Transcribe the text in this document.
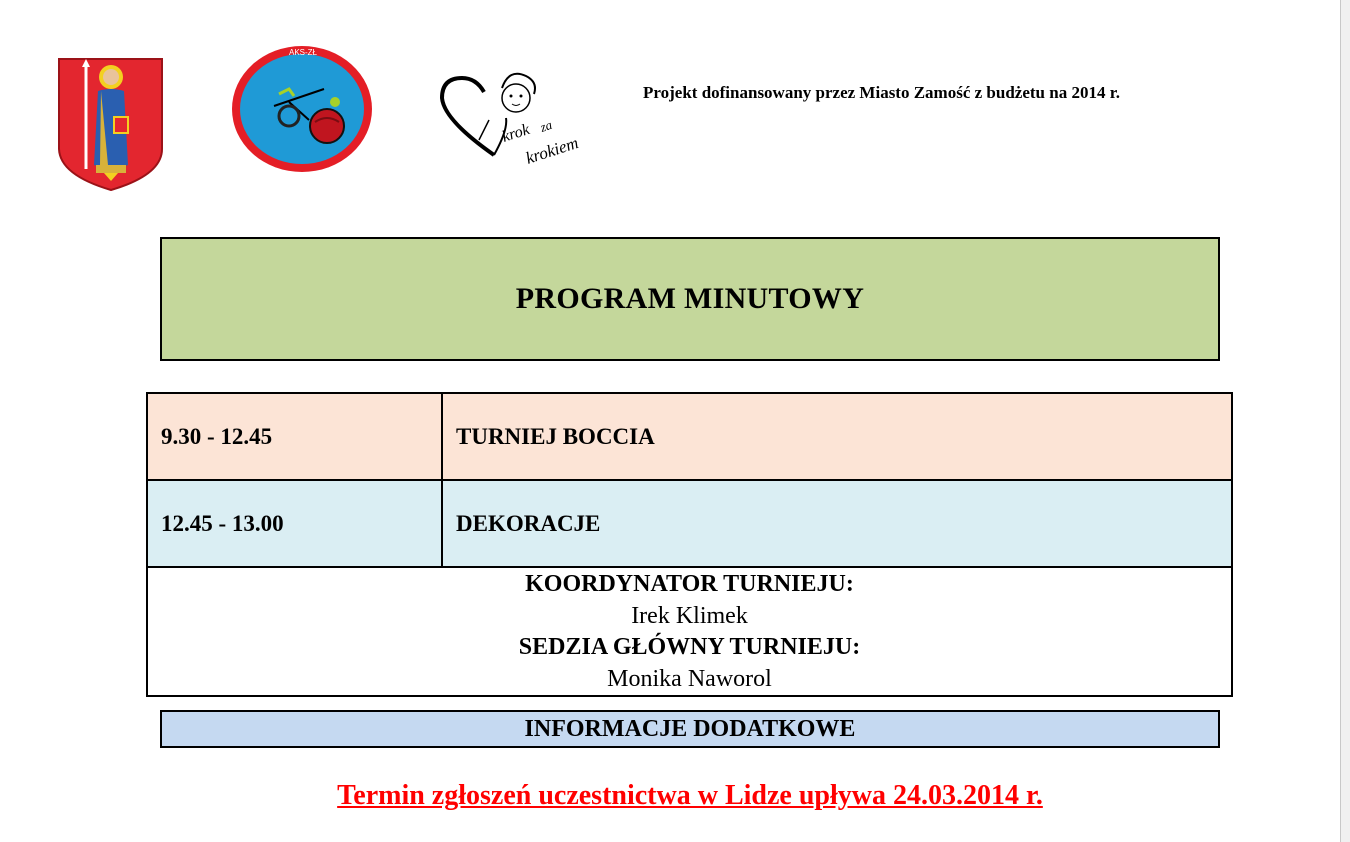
AKS-ZŁ
krok za
krokiem
Projekt dofinansowany przez Miasto Zamość z budżetu na 2014 r.
PROGRAM MINUTOWY
9.30 - 12.45	TURNIEJ BOCCIA
12.45 - 13.00	DEKORACJE
KOORDYNATOR TURNIEJU:
Irek Klimek
SEDZIA GŁÓWNY TURNIEJU:
Monika Naworol
INFORMACJE DODATKOWE
Termin zgłoszeń uczestnictwa w Lidze upływa 24.03.2014 r.
